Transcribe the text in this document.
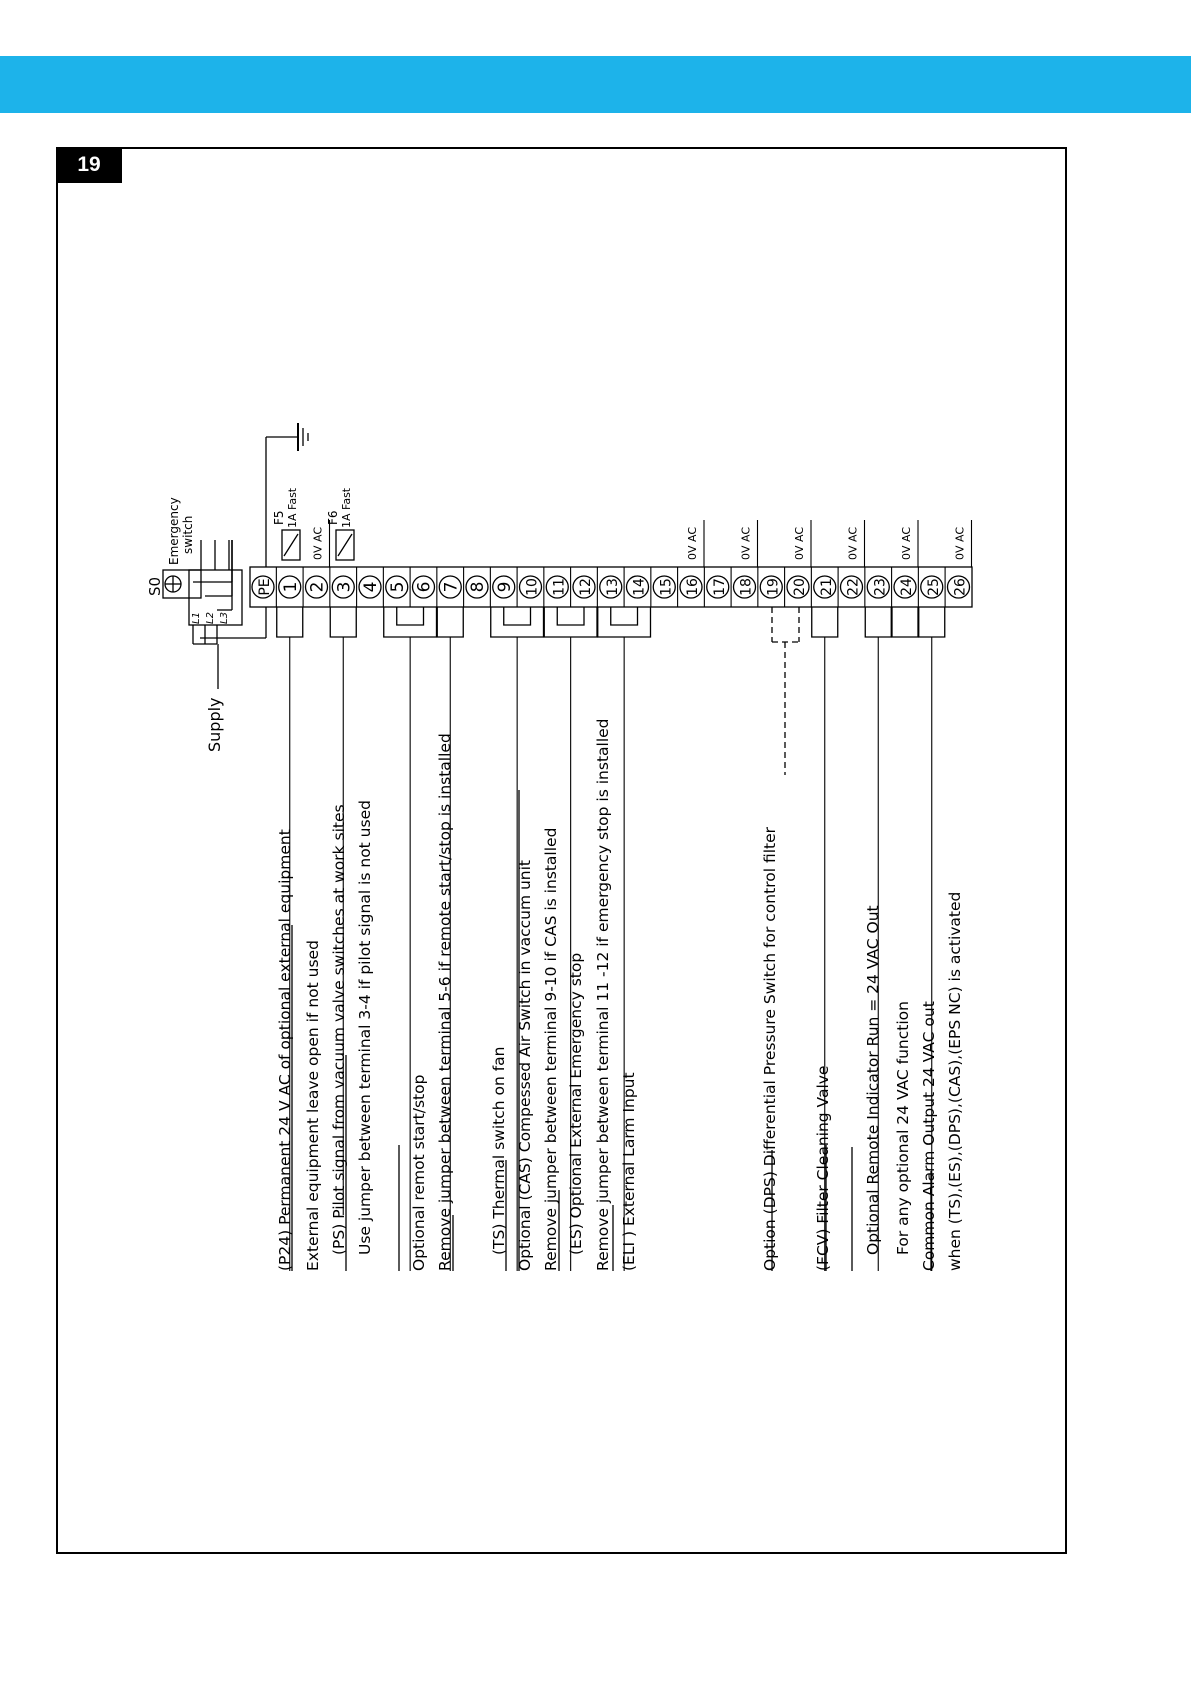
19
PE 1 2 3 4 5 6 7 8 9 10 11 12 13 14 15 16 17 18 19 20 21 22 23 24 25 26
0V AC	0V AC	0V AC	0V AC	0V AC	0V AC	0V AC
S0
Emergency switch
L1 L2 L3
Supply
F5 1A Fast F6 1A Fast
(P24) Permanent 24 V AC of optional external equipment External equipment leave open if not used (PS) Pilot signal from vacuum valve switches at work sites Use jumper between terminal 3-4 if pilot signal is not used Optional remot start/stop Remove jumper between terminal 5-6 if remote start/stop is installed (TS) Thermal switch on fan Optional (CAS) Compessed Air Switch in vaccum unit Remove jumper between terminal 9-10 if CAS is installed (ES) Optional External Emergency stop Remove jumper between terminal 11 -12 if emergency stop is installed (ELI ) External Larm Input	Option (DPS) Differential Pressure Switch for control filter (FCV) Filter Cleaning Valve Optional Remote Indicator Run = 24 VAC Out For any optional 24 VAC function Common Alarm Output 24 VAC out when (TS),(ES),(DPS),(CAS),(EPS NC) is activated
